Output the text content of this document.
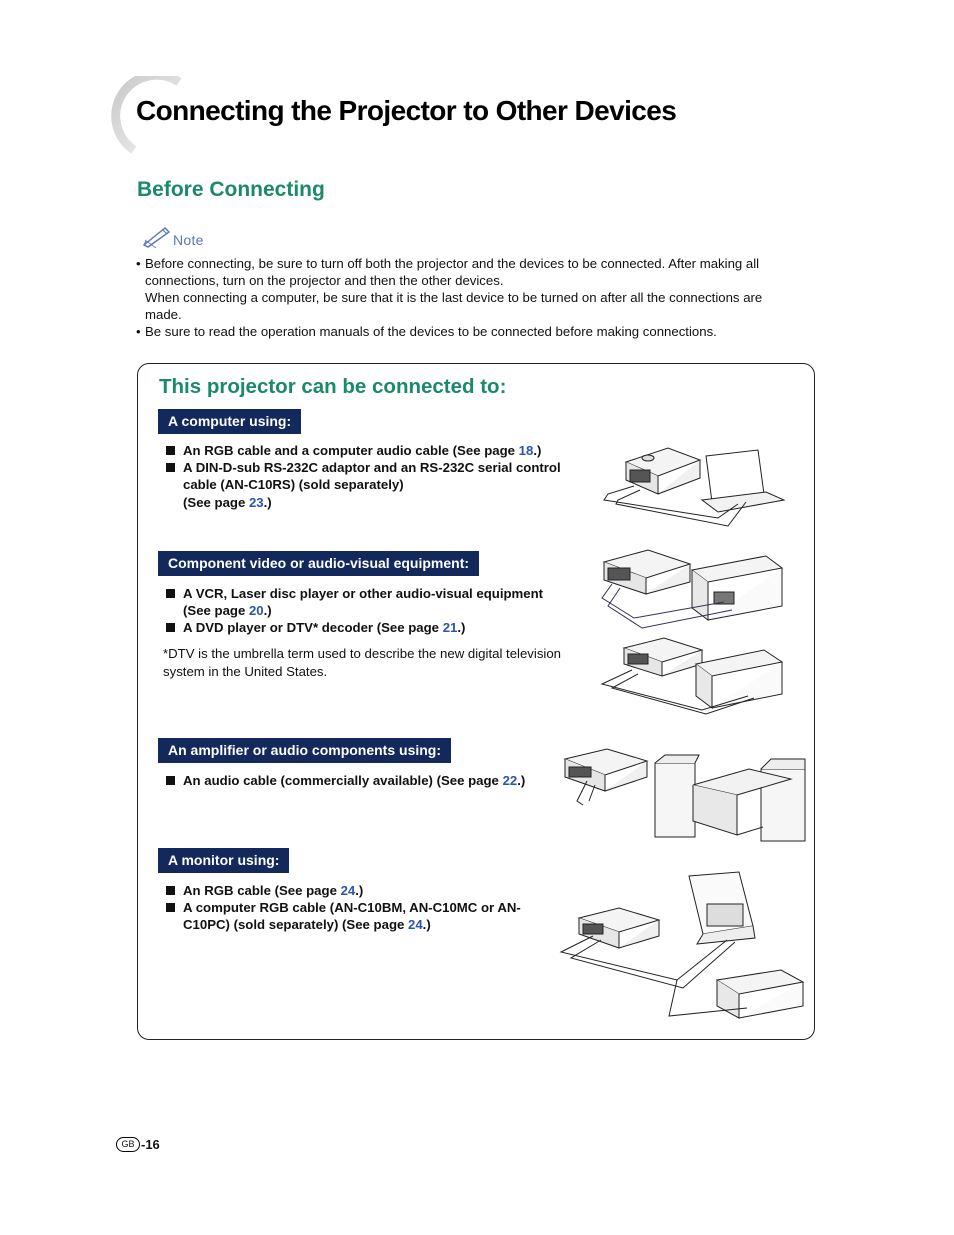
Connecting the Projector to Other Devices
Before Connecting
Note
• Before connecting, be sure to turn off both the projector and the devices to be connected. After making all
connections, turn on the projector and then the other devices.
When connecting a computer, be sure that it is the last device to be turned on after all the connections are
made.
• Be sure to read the operation manuals of the devices to be connected before making connections.
This projector can be connected to:
A computer using:
An RGB cable and a computer audio cable (See page 18.)
A DIN-D-sub RS-232C adaptor and an RS-232C serial control
cable (AN-C10RS) (sold separately)
(See page 23.)
Component video or audio-visual equipment:
A VCR, Laser disc player or other audio-visual equipment
(See page 20.)
A DVD player or DTV* decoder (See page 21.)
*DTV is the umbrella term used to describe the new digital television
system in the United States.
An amplifier or audio components using:
An audio cable (commercially available) (See page 22.)
A monitor using:
An RGB cable (See page 24.)
A computer RGB cable (AN-C10BM, AN-C10MC or AN-
C10PC) (sold separately) (See page 24.)
GB -16
